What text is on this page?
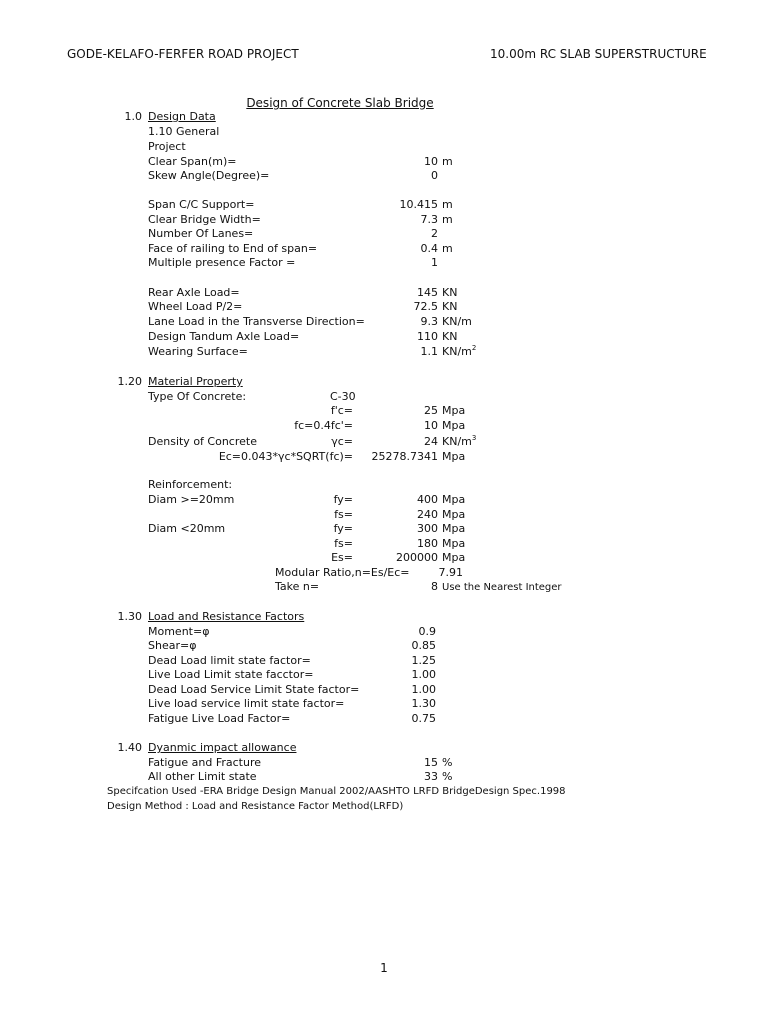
GODE-KELAFO-FERFER ROAD PROJECT	10.00m RC SLAB SUPERSTRUCTURE
Design of Concrete Slab Bridge
1.0 Design Data
1.10 General
Project
Clear Span(m)=	10 m
Skew Angle(Degree)=	0
Span C/C Support=	10.415 m
Clear Bridge Width=	7.3 m
Number Of Lanes=	2
Face of railing to End of span=	0.4 m
Multiple presence Factor =	1
Rear Axle Load=	145 KN
Wheel Load P/2=	72.5 KN
Lane Load in the Transverse Direction=	9.3 KN/m
Design Tandum Axle Load=	110 KN
Wearing Surface=	1.1 $KN/m^2$
1.20 Material Property
Type Of Concrete:	C-30
f'c=	25 Mpa
fc=0.4fc'=	10 Mpa
Density of Concrete	γc=	24 $KN/m^3$
Ec=0.043*γc*SQRT(fc)=	25278.7341 Mpa
Reinforcement:
Diam >=20mm	fy=	400 Mpa
fs=	240 Mpa
Diam <20mm	fy=	300 Mpa
fs=	180 Mpa
Es=	200000 Mpa
Modular Ratio,n=Es/Ec=	7.91
Take n=	8 Use the Nearest Integer
1.30 Load and Resistance Factors
Moment=φ	0.9
Shear=φ	0.85
Dead Load limit state factor=	1.25
Live Load Limit state facctor=	1.00
Dead Load Service Limit State factor=	1.00
Live load service limit state factor=	1.30
Fatigue Live Load Factor=	0.75
1.40 Dyanmic impact allowance
Fatigue and Fracture	15 %
All other Limit state	33 %
Specifcation Used -ERA Bridge Design Manual 2002/AASHTO LRFD BridgeDesign Spec.1998
Design Method : Load and Resistance Factor Method(LRFD)
1
